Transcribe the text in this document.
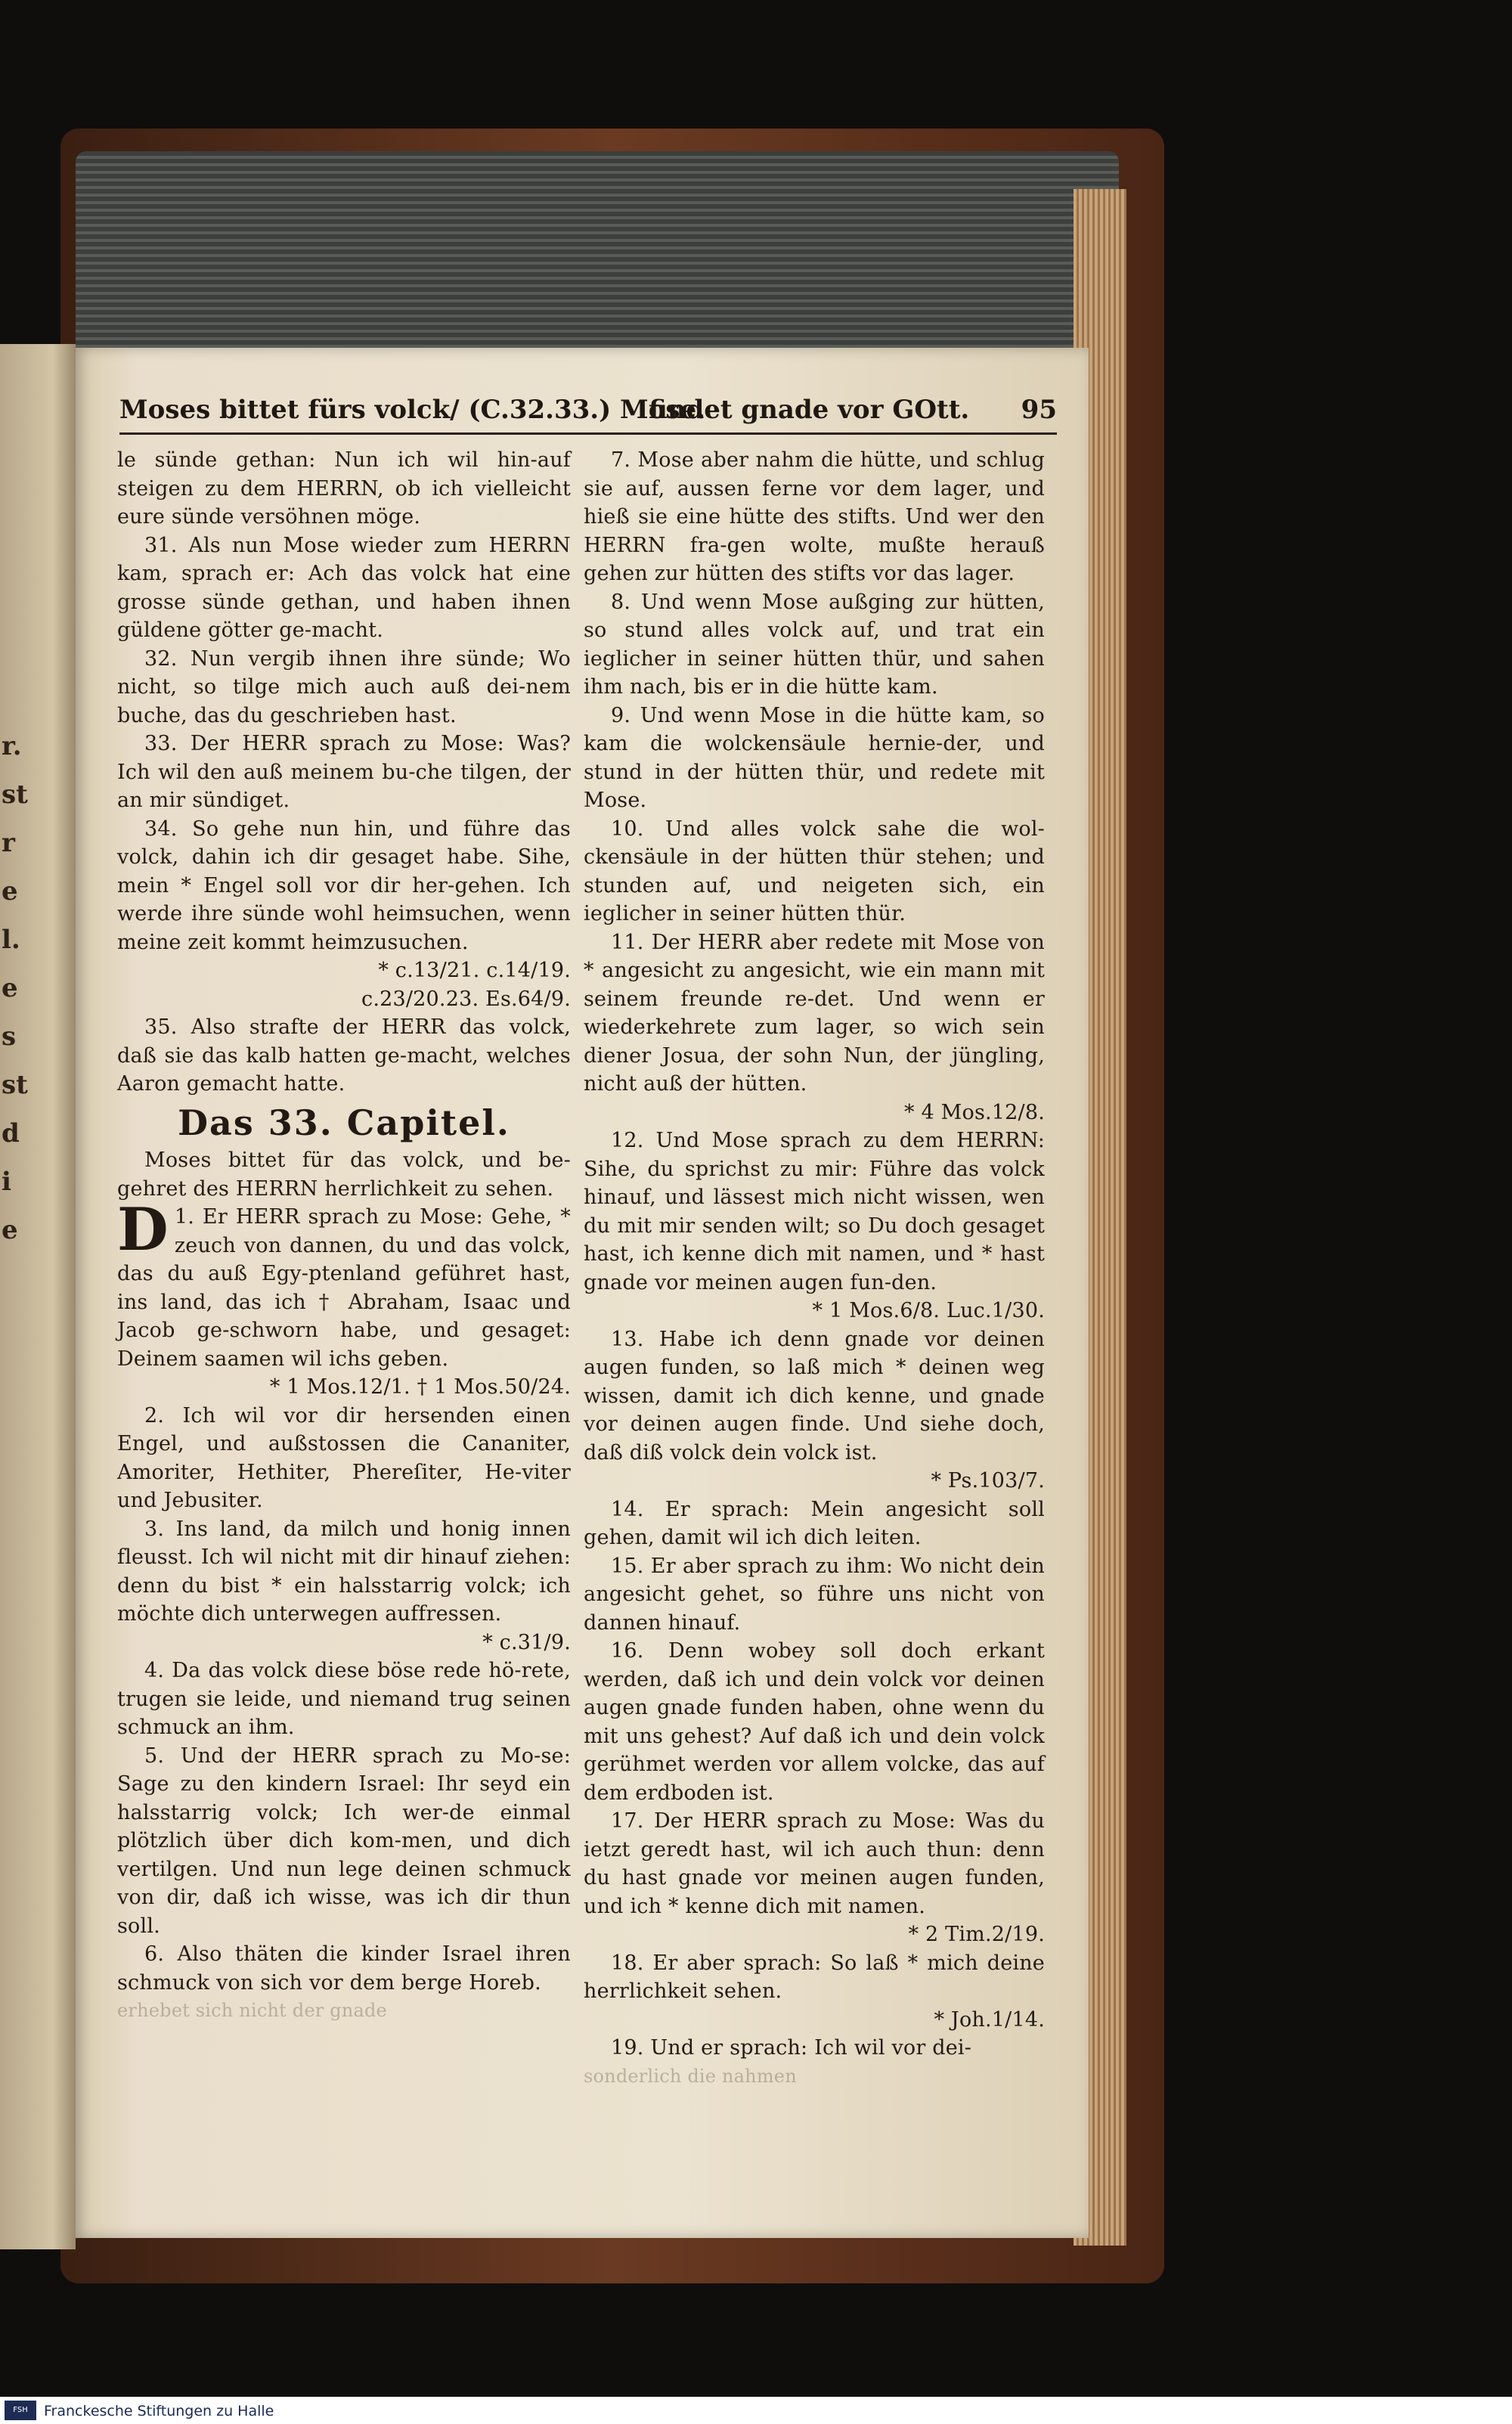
r.
st
r
e
l.
e
s
st
d
i
e
Moses bittet fürs volck/ (C.32.33.) Mose.
findet gnade vor GOtt. 95

le sünde gethan: Nun ich wil hin-auf steigen zu dem HERRN, ob ich vielleicht eure sünde versöhnen möge.

31. Als nun Mose wieder zum HERRN kam, sprach er: Ach das volck hat eine grosse sünde gethan, und haben ihnen güldene götter ge-macht.

32. Nun vergib ihnen ihre sünde; Wo nicht, so tilge mich auch auß dei-nem buche, das du geschrieben hast.

33. Der HERR sprach zu Mose: Was? Ich wil den auß meinem bu-che tilgen, der an mir sündiget.

34. So gehe nun hin, und führe das volck, dahin ich dir gesaget habe. Sihe, mein * Engel soll vor dir her-gehen. Ich werde ihre sünde wohl heimsuchen, wenn meine zeit kommt heimzusuchen.

* c.13/21. c.14/19.
c.23/20.23. Es.64/9.

35. Also strafte der HERR das volck, daß sie das kalb hatten ge-macht, welches Aaron gemacht hatte.

Das 33. Capitel.

Moses bittet für das volck, und be-gehret des HERRN herrlichkeit zu sehen.

D 1. Er HERR sprach zu Mose: Gehe, * zeuch von dannen, du und das volck, das du auß Egy-ptenland geführet hast, ins land, das ich † Abraham, Isaac und Jacob ge-schworn habe, und gesaget: Deinem saamen wil ichs geben.

* 1 Mos.12/1. † 1 Mos.50/24.

2. Ich wil vor dir hersenden einen Engel, und außstossen die Cananiter, Amoriter, Hethiter, Phereſiter, He-viter und Jebusiter.

3. Ins land, da milch und honig innen fleusst. Ich wil nicht mit dir hinauf ziehen: denn du bist * ein halsstarrig volck; ich möchte dich unterwegen auffressen.

* c.31/9.

4. Da das volck diese böse rede hö-rete, trugen sie leide, und niemand trug seinen schmuck an ihm.

5. Und der HERR sprach zu Mo-se: Sage zu den kindern Israel: Ihr seyd ein halsstarrig volck; Ich wer-de einmal plötzlich über dich kom-men, und dich vertilgen. Und nun lege deinen schmuck von dir, daß ich wisse, was ich dir thun soll.

6. Also thäten die kinder Israel ihren schmuck von sich vor dem berge Horeb.

erhebet sich nicht der gnade

7. Mose aber nahm die hütte, und schlug sie auf, aussen ferne vor dem lager, und hieß sie eine hütte des stifts. Und wer den HERRN fra-gen wolte, mußte herauß gehen zur hütten des stifts vor das lager.

8. Und wenn Mose außging zur hütten, so stund alles volck auf, und trat ein ieglicher in seiner hütten thür, und sahen ihm nach, bis er in die hütte kam.

9. Und wenn Mose in die hütte kam, so kam die wolckensäule hernie-der, und stund in der hütten thür, und redete mit Mose.

10. Und alles volck sahe die wol-ckensäule in der hütten thür stehen; und stunden auf, und neigeten sich, ein ieglicher in seiner hütten thür.

11. Der HERR aber redete mit Mose von * angesicht zu angesicht, wie ein mann mit seinem freunde re-det. Und wenn er wiederkehrete zum lager, so wich sein diener Josua, der sohn Nun, der jüngling, nicht auß der hütten.

* 4 Mos.12/8.

12. Und Mose sprach zu dem HERRN: Sihe, du sprichst zu mir: Führe das volck hinauf, und lässest mich nicht wissen, wen du mit mir senden wilt; so Du doch gesaget hast, ich kenne dich mit namen, und * hast gnade vor meinen augen fun-den.

* 1 Mos.6/8. Luc.1/30.

13. Habe ich denn gnade vor deinen augen funden, so laß mich * deinen weg wissen, damit ich dich kenne, und gnade vor deinen augen finde. Und siehe doch, daß diß volck dein volck ist.

* Ps.103/7.

14. Er sprach: Mein angesicht soll gehen, damit wil ich dich leiten.

15. Er aber sprach zu ihm: Wo nicht dein angesicht gehet, so führe uns nicht von dannen hinauf.

16. Denn wobey soll doch erkant werden, daß ich und dein volck vor deinen augen gnade funden haben, ohne wenn du mit uns gehest? Auf daß ich und dein volck gerühmet werden vor allem volcke, das auf dem erdboden ist.

17. Der HERR sprach zu Mose: Was du ietzt geredt hast, wil ich auch thun: denn du hast gnade vor meinen augen funden, und ich * kenne dich mit namen.

* 2 Tim.2/19.

18. Er aber sprach: So laß * mich deine herrlichkeit sehen.

* Joh.1/14.

19. Und er sprach: Ich wil vor dei-

sonderlich die nahmen
FSH	Franckesche Stiftungen zu Halle
